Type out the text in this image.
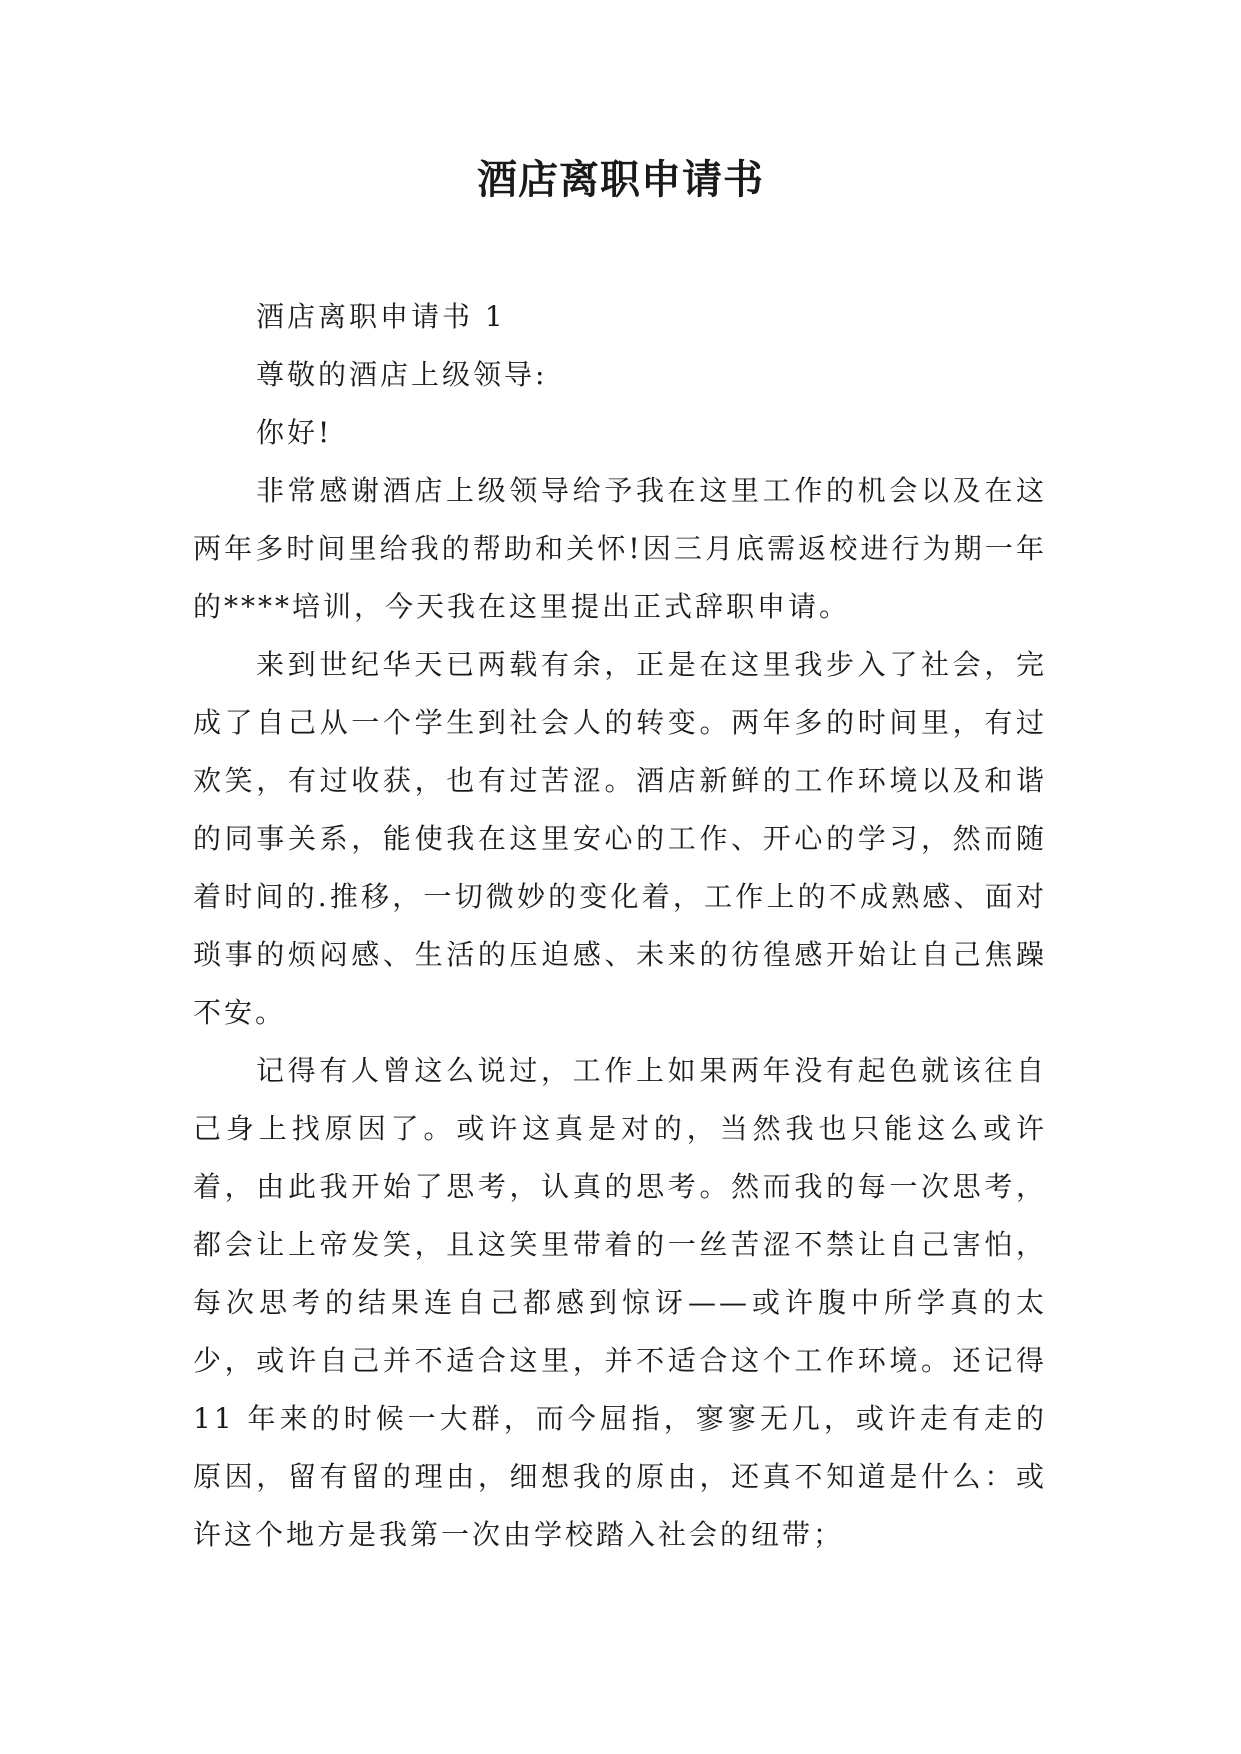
酒店离职申请书

酒店离职申请书 1

尊敬的酒店上级领导:

你好!

非常感谢酒店上级领导给予我在这里工作的机会以及在这两年多时间里给我的帮助和关怀!因三月底需返校进行为期一年的****培训，今天我在这里提出正式辞职申请。

来到世纪华天已两载有余，正是在这里我步入了社会，完成了自己从一个学生到社会人的转变。两年多的时间里，有过欢笑，有过收获，也有过苦涩。酒店新鲜的工作环境以及和谐的同事关系，能使我在这里安心的工作、开心的学习，然而随着时间的.推移，一切微妙的变化着，工作上的不成熟感、面对琐事的烦闷感、生活的压迫感、未来的彷徨感开始让自己焦躁不安。

记得有人曾这么说过，工作上如果两年没有起色就该往自己身上找原因了。或许这真是对的，当然我也只能这么或许着，由此我开始了思考，认真的思考。然而我的每一次思考，都会让上帝发笑，且这笑里带着的一丝苦涩不禁让自己害怕，每次思考的结果连自己都感到惊讶——或许腹中所学真的太少，或许自己并不适合这里，并不适合这个工作环境。还记得 11 年来的时候一大群，而今屈指，寥寥无几，或许走有走的原因，留有留的理由，细想我的原由，还真不知道是什么：或许这个地方是我第一次由学校踏入社会的纽带；
